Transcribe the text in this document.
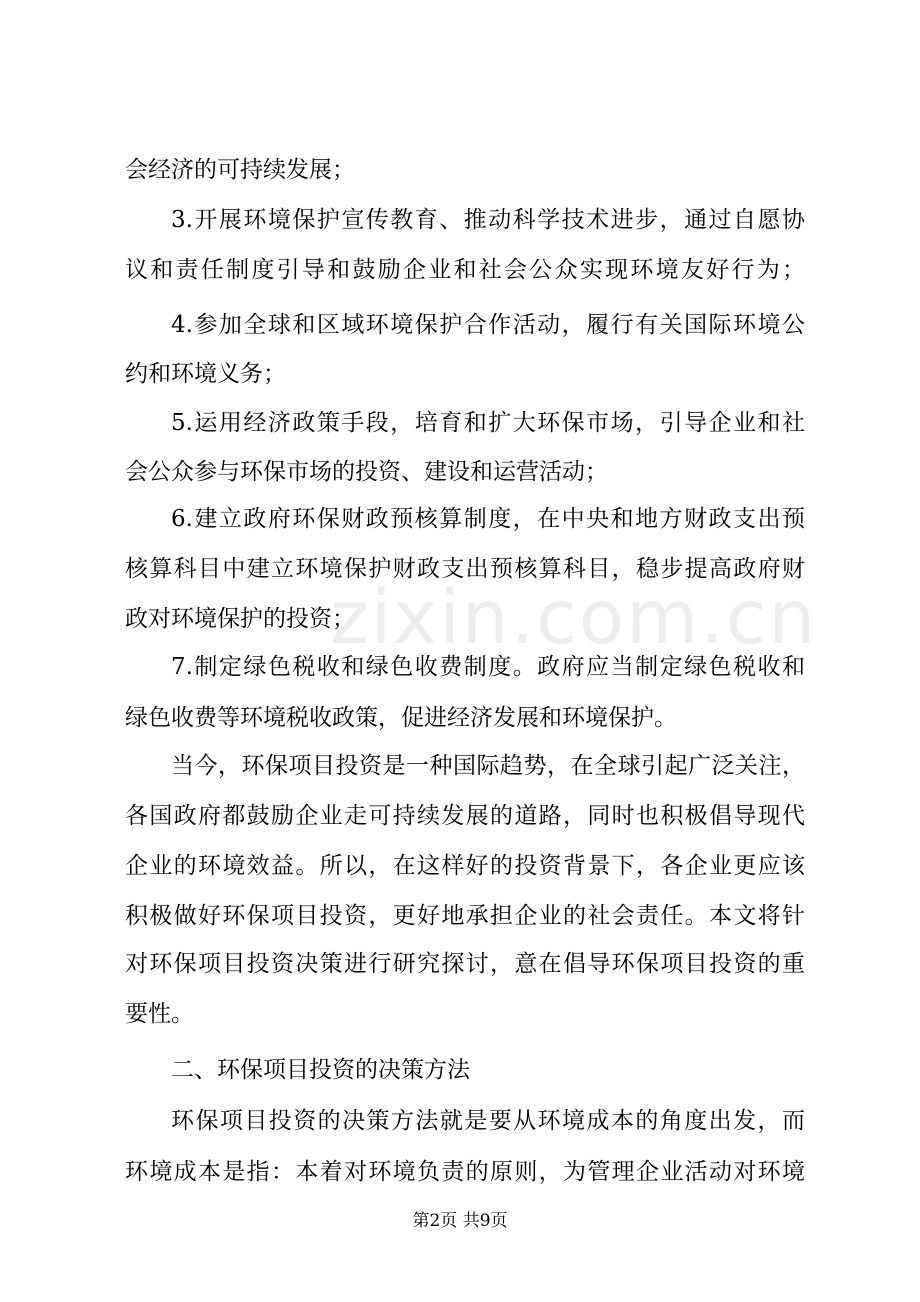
zixin.com.cn
会经济的可持续发展；
3.开展环境保护宣传教育、推动科学技术进步，通过自愿协
议和责任制度引导和鼓励企业和社会公众实现环境友好行为；
4.参加全球和区域环境保护合作活动，履行有关国际环境公
约和环境义务；
5.运用经济政策手段，培育和扩大环保市场，引导企业和社
会公众参与环保市场的投资、建设和运营活动；
6.建立政府环保财政预核算制度，在中央和地方财政支出预
核算科目中建立环境保护财政支出预核算科目，稳步提高政府财
政对环境保护的投资；
7.制定绿色税收和绿色收费制度。政府应当制定绿色税收和
绿色收费等环境税收政策，促进经济发展和环境保护。
当今，环保项目投资是一种国际趋势，在全球引起广泛关注，
各国政府都鼓励企业走可持续发展的道路，同时也积极倡导现代
企业的环境效益。所以，在这样好的投资背景下，各企业更应该
积极做好环保项目投资，更好地承担企业的社会责任。本文将针
对环保项目投资决策进行研究探讨，意在倡导环保项目投资的重
要性。
二、环保项目投资的决策方法
环保项目投资的决策方法就是要从环境成本的角度出发，而
环境成本是指：本着对环境负责的原则，为管理企业活动对环境
第2页 共9页
